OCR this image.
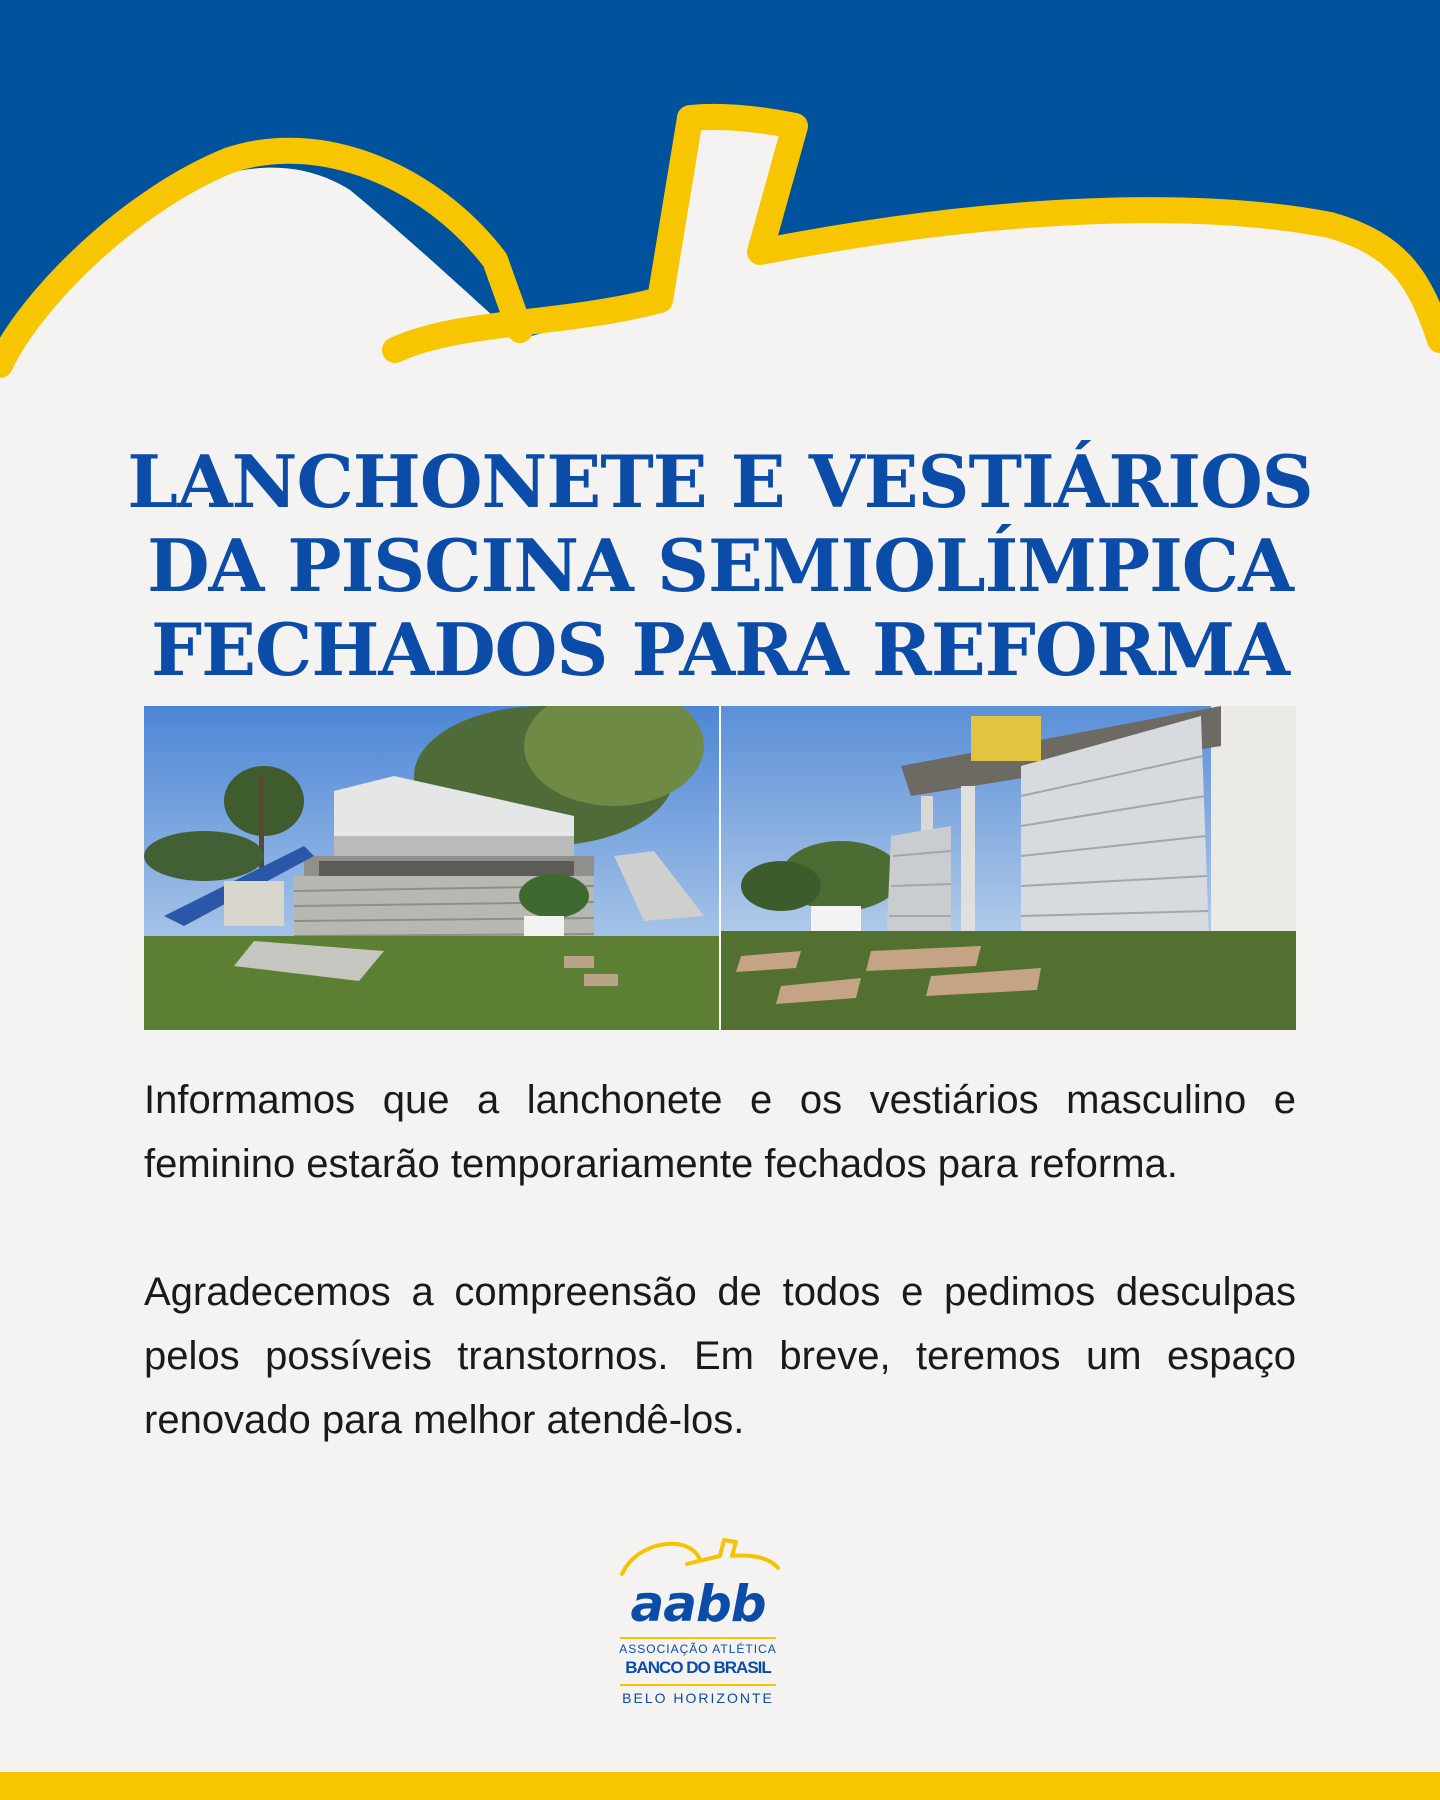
LANCHONETE E VESTIÁRIOS
DA PISCINA SEMIOLÍMPICA
FECHADOS PARA REFORMA

Informamos que a lanchonete e os vestiários masculino e feminino estarão temporariamente fechados para reforma.

Agradecemos a compreensão de todos e pedimos desculpas pelos possíveis transtornos. Em breve, teremos um espaço renovado para melhor atendê-los.

aabb
ASSOCIAÇÃO ATLÉTICA
BANCO DO BRASIL
BELO HORIZONTE
